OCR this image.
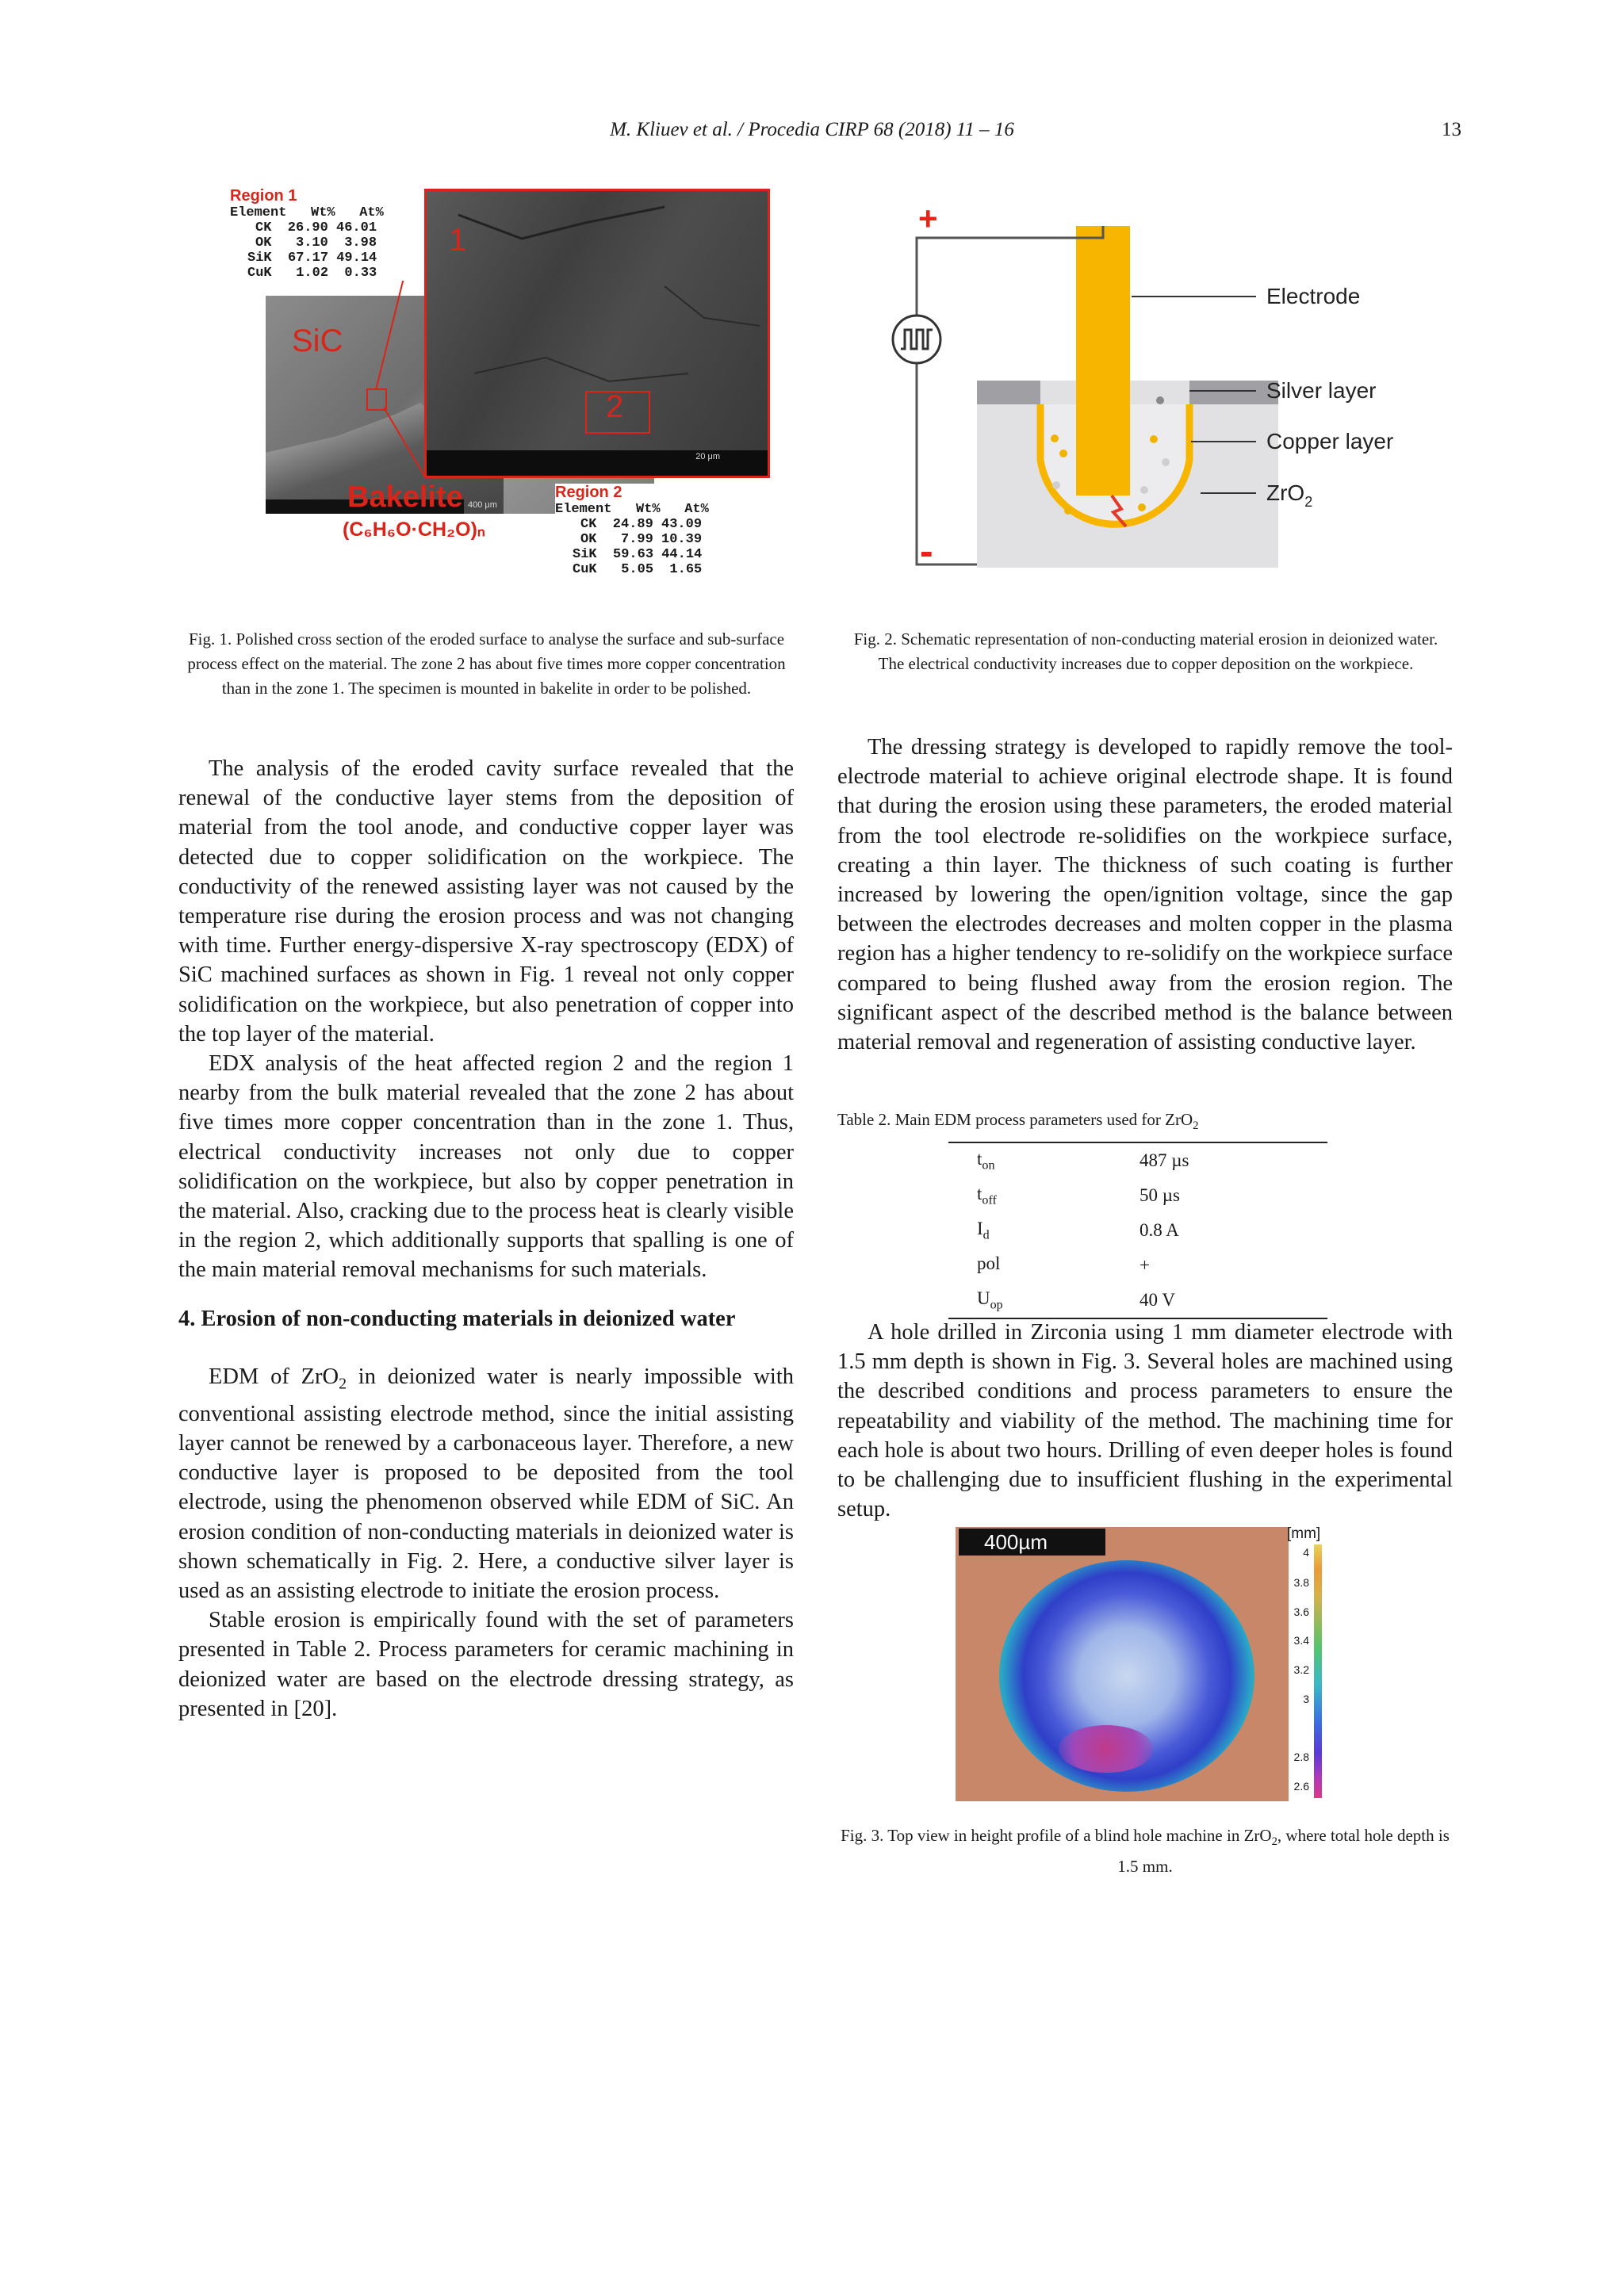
M. Kliuev et al. / Procedia CIRP 68 (2018) 11 – 16	13
SiC
Bakelite
(C₆H₆O·CH₂O)ₙ
20 μm
1
2
Region 1
Element   Wt%   At%
CK  26.90 46.01
OK   3.10  3.98
SiK  67.17 49.14
CuK   1.02  0.33
Region 2
Element   Wt%   At%
CK  24.89 43.09
OK   7.99 10.39
SiK  59.63 44.14
CuK   5.05  1.65
400 μm
Fig. 1. Polished cross section of the eroded surface to analyse the surface and sub-surface process effect on the material. The zone 2 has about five times more copper concentration than in the zone 1. The specimen is mounted in bakelite in order to be polished.
+
-
Electrode
Silver layer
Copper layer
ZrO$_2$
Fig. 2. Schematic representation of non-conducting material erosion in deionized water. The electrical conductivity increases due to copper deposition on the workpiece.

The analysis of the eroded cavity surface revealed that the renewal of the conductive layer stems from the deposition of material from the tool anode, and conductive copper layer was detected due to copper solidification on the workpiece. The conductivity of the renewed assisting layer was not caused by the temperature rise during the erosion process and was not changing with time. Further energy-dispersive X-ray spectroscopy (EDX) of SiC machined surfaces as shown in Fig. 1 reveal not only copper solidification on the workpiece, but also penetration of copper into the top layer of the material.

EDX analysis of the heat affected region 2 and the region 1 nearby from the bulk material revealed that the zone 2 has about five times more copper concentration than in the zone 1. Thus, electrical conductivity increases not only due to copper solidification on the workpiece, but also by copper penetration in the material. Also, cracking due to the process heat is clearly visible in the region 2, which additionally supports that spalling is one of the main material removal mechanisms for such materials.

4. Erosion of non-conducting materials in deionized water

EDM of ZrO$_2$ in deionized water is nearly impossible with conventional assisting electrode method, since the initial assisting layer cannot be renewed by a carbonaceous layer. Therefore, a new conductive layer is proposed to be deposited from the tool electrode, using the phenomenon observed while EDM of SiC. An erosion condition of non-conducting materials in deionized water is shown schematically in Fig. 2. Here, a conductive silver layer is used as an assisting electrode to initiate the erosion process.

Stable erosion is empirically found with the set of parameters presented in Table 2. Process parameters for ceramic machining in deionized water are based on the electrode dressing strategy, as presented in [20].

The dressing strategy is developed to rapidly remove the tool-electrode material to achieve original electrode shape. It is found that during the erosion using these parameters, the eroded material from the tool electrode re-solidifies on the workpiece surface, creating a thin layer. The thickness of such coating is further increased by lowering the open/ignition voltage, since the gap between the electrodes decreases and molten copper in the plasma region has a higher tendency to re-solidify on the workpiece surface compared to being flushed away from the erosion region. The significant aspect of the described method is the balance between material removal and regeneration of assisting conductive layer.

Table 2. Main EDM process parameters used for ZrO$_2$
$t_{on}$	487 µs
$t_{off}$	50 µs
$I_d$	0.8 A
pol	+
$U_{op}$	40 V

A hole drilled in Zirconia using 1 mm diameter electrode with 1.5 mm depth is shown in Fig. 3. Several holes are machined using the described conditions and process parameters to ensure the repeatability and viability of the method. The machining time for each hole is about two hours. Drilling of even deeper holes is found to be challenging due to insufficient flushing in the experimental setup.

400µm	[mm]
4
3.8
3.6
3.4
3.2
3
2.8
2.6
Fig. 3. Top view in height profile of a blind hole machine in ZrO$_2$, where total hole depth is 1.5 mm.
